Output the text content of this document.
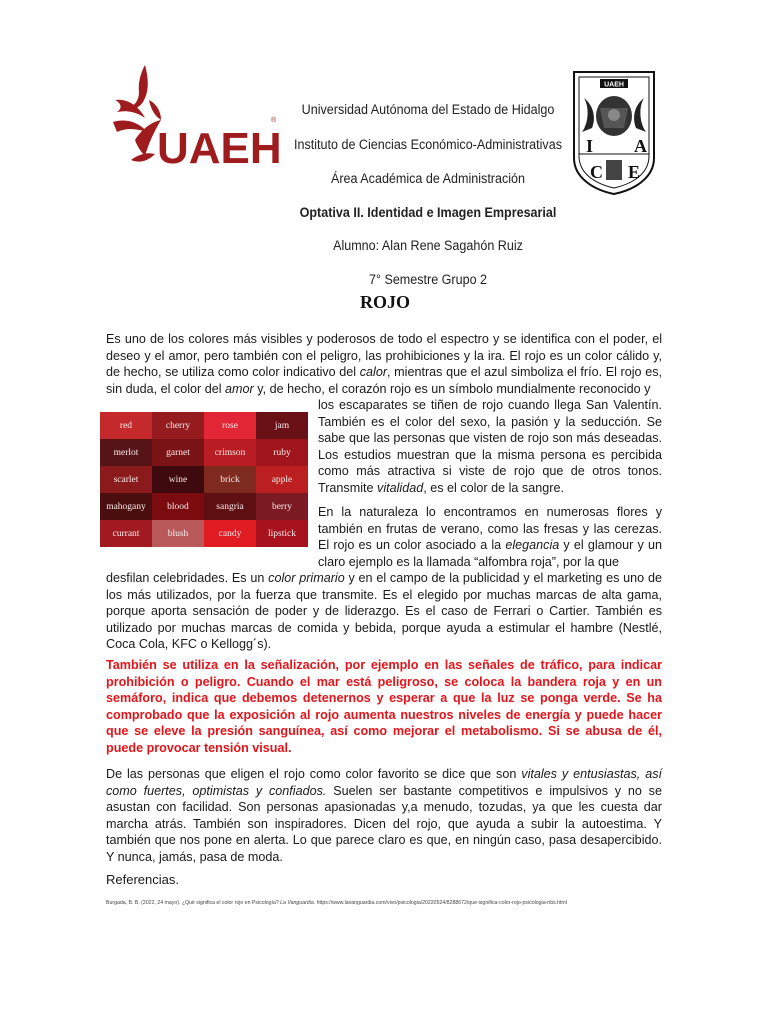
UAEH
®
UAEH
I A
C E
Universidad Autónoma del Estado de Hidalgo
Instituto de Ciencias Económico-Administrativas
Área Académica de Administración
Optativa II. Identidad e Imagen Empresarial
Alumno: Alan Rene Sagahón Ruiz
7° Semestre Grupo 2
ROJO

Es uno de los colores más visibles y poderosos de todo el espectro y se identifica con el poder, el deseo y el amor, pero también con el peligro, las prohibiciones y la ira. El rojo es un color cálido y, de hecho, se utiliza como color indicativo del calor, mientras que el azul simboliza el frío. El rojo es, sin duda, el color del amor y, de hecho, el corazón rojo es un símbolo mundialmente reconocido y

red	cherry	rose	jam
merlot	garnet	crimson	ruby
scarlet	wine	brick	apple
mahogany	blood	sangria	berry
currant	blush	candy	lipstick

los escaparates se tiñen de rojo cuando llega San Valentín. También es el color del sexo, la pasión y la seducción. Se sabe que las personas que visten de rojo son más deseadas. Los estudios muestran que la misma persona es percibida como más atractiva si viste de rojo que de otros tonos. Transmite vitalidad, es el color de la sangre.

En la naturaleza lo encontramos en numerosas flores y también en frutas de verano, como las fresas y las cerezas. El rojo es un color asociado a la elegancia y el glamour y un claro ejemplo es la llamada “alfombra roja”, por la que

desfilan celebridades. Es un color primario y en el campo de la publicidad y el marketing es uno de los más utilizados, por la fuerza que transmite. Es el elegido por muchas marcas de alta gama, porque aporta sensación de poder y de liderazgo. Es el caso de Ferrari o Cartier. También es utilizado por muchas marcas de comida y bebida, porque ayuda a estimular el hambre (Nestlé, Coca Cola, KFC o Kellogg´s).

También se utiliza en la señalización, por ejemplo en las señales de tráfico, para indicar prohibición o peligro. Cuando el mar está peligroso, se coloca la bandera roja y en un semáforo, indica que debemos detenernos y esperar a que la luz se ponga verde. Se ha comprobado que la exposición al rojo aumenta nuestros niveles de energía y puede hacer que se eleve la presión sanguínea, así como mejorar el metabolismo. Si se abusa de él, puede provocar tensión visual.

De las personas que eligen el rojo como color favorito se dice que son vitales y entusiastas, así como fuertes, optimistas y confiados. Suelen ser bastante competitivos e impulsivos y no se asustan con facilidad. Son personas apasionadas y,a menudo, tozudas, ya que les cuesta dar marcha atrás. También son inspiradores. Dicen del rojo, que ayuda a subir la autoestima. Y también que nos pone en alerta. Lo que parece claro es que, en ningún caso, pasa desapercibido. Y nunca, jamás, pasa de moda.

Referencias.
Burgada, B. B. (2022, 24 mayo). ¿Qué significa el color rojo en Psicología? La Vanguardia. https://www.lavanguardia.com/vivo/psicologia/20220524/8288672/que-significa-color-rojo-psicologia-nbs.html
